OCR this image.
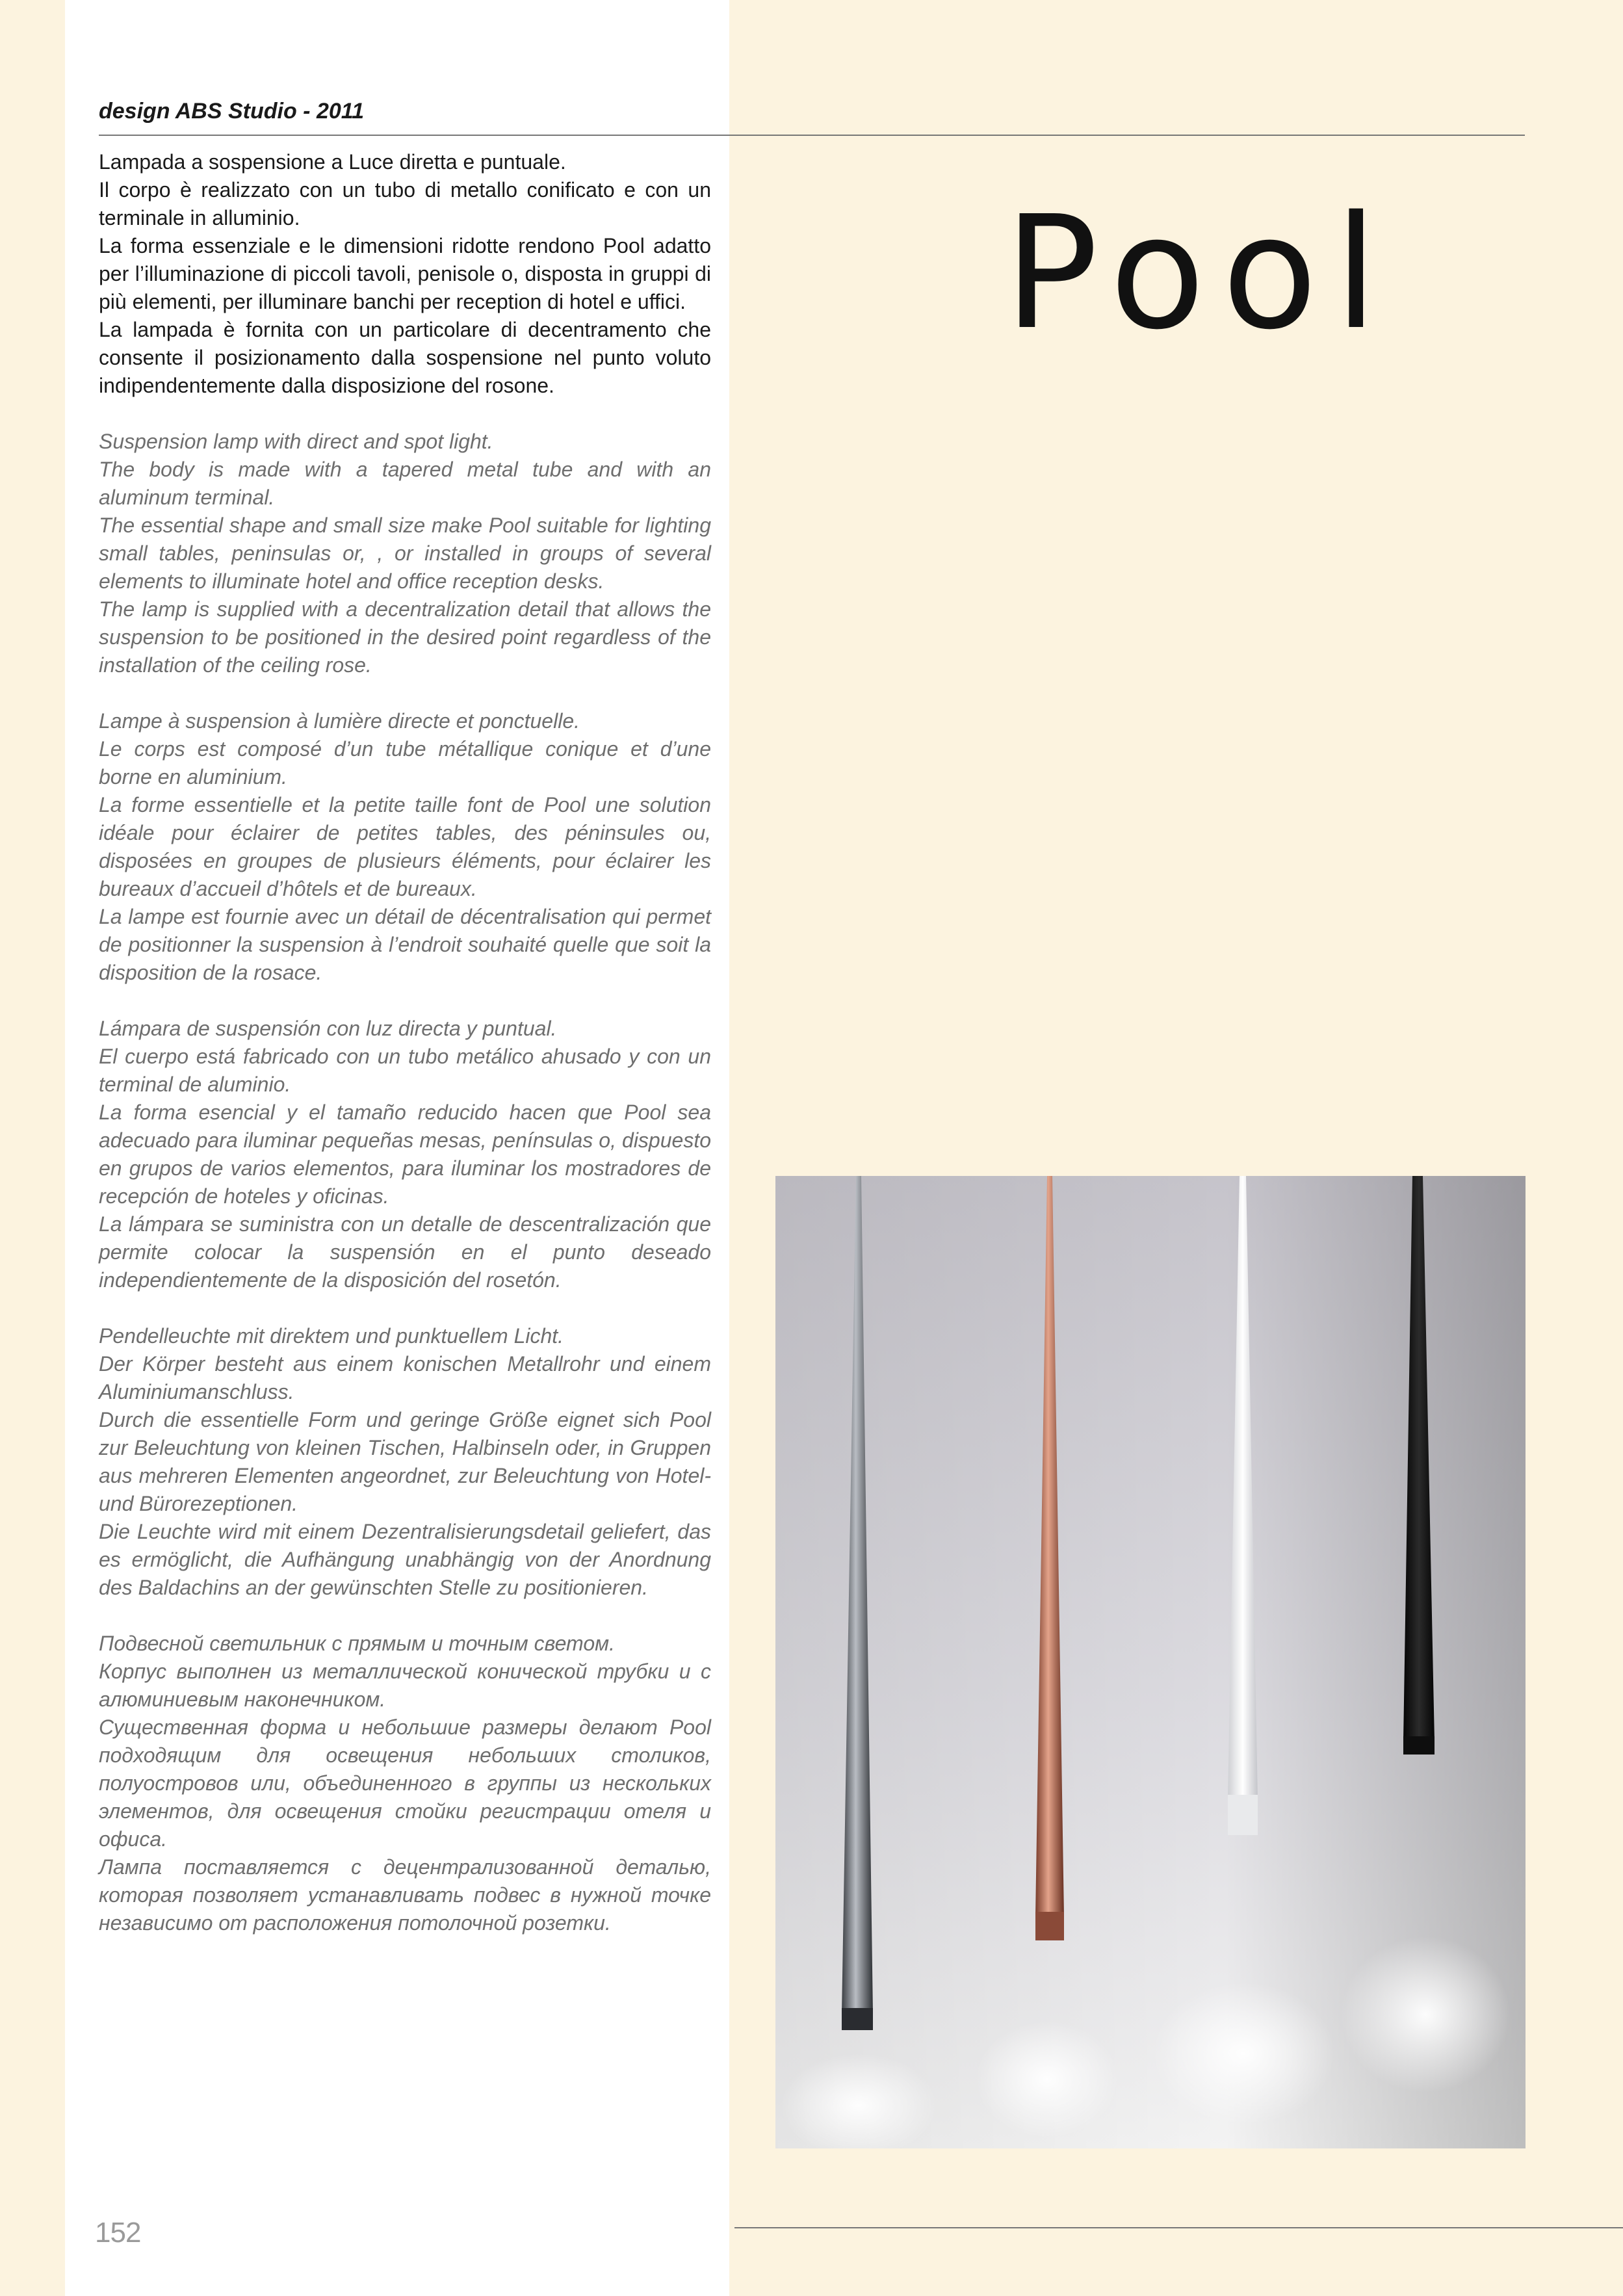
design ABS Studio - 2011

Lampada a sospensione a Luce diretta e puntuale.

Il corpo è realizzato con un tubo di metallo conificato e con un terminale in alluminio.

La forma essenziale e le dimensioni ridotte rendono Pool adatto per l’illuminazione di piccoli tavoli, penisole o, disposta in gruppi di più elementi, per illuminare banchi per reception di hotel e uffici.

La lampada è fornita con un particolare di decentramento che consente il posizionamento dalla sospensione nel punto voluto indipendentemente dalla disposizione del rosone.

Suspension lamp with direct and spot light.

The body is made with a tapered metal tube and with an aluminum terminal.

The essential shape and small size make Pool suitable for lighting small tables, peninsulas or, , or installed in groups of several elements to illuminate hotel and office reception desks.

The lamp is supplied with a decentralization detail that allows the suspension to be positioned in the desired point regardless of the installation of the ceiling rose.

Lampe à suspension à lumière directe et ponctuelle.

Le corps est composé d’un tube métallique conique et d’une borne en aluminium.

La forme essentielle et la petite taille font de Pool une solution idéale pour éclairer de petites tables, des péninsules ou, disposées en groupes de plusieurs éléments, pour éclairer les bureaux d’accueil d’hôtels et de bureaux.

La lampe est fournie avec un détail de décentralisation qui permet de positionner la suspension à l’endroit souhaité quelle que soit la disposition de la rosace.

Lámpara de suspensión con luz directa y puntual.

El cuerpo está fabricado con un tubo metálico ahusado y con un terminal de aluminio.

La forma esencial y el tamaño reducido hacen que Pool sea adecuado para iluminar pequeñas mesas, penínsulas o, dispuesto en grupos de varios elementos, para iluminar los mostradores de recepción de hoteles y oficinas.

La lámpara se suministra con un detalle de descentralización que permite colocar la suspensión en el punto deseado independientemente de la disposición del rosetón.

Pendelleuchte mit direktem und punktuellem Licht.

Der Körper besteht aus einem konischen Metallrohr und einem Aluminiumanschluss.

Durch die essentielle Form und geringe Größe eignet sich Pool zur Beleuchtung von kleinen Tischen, Halbinseln oder, in Gruppen aus mehreren Elementen angeordnet, zur Beleuchtung von Hotel- und Bürorezeptionen.

Die Leuchte wird mit einem Dezentralisierungsdetail geliefert, das es ermöglicht, die Aufhängung unabhängig von der Anordnung des Baldachins an der gewünschten Stelle zu positionieren.

Подвесной светильник с прямым и точным светом.

Корпус выполнен из металлической конической трубки и с алюминиевым наконечником.

Существенная форма и небольшие размеры делают Pool подходящим для освещения небольших столиков, полуостровов или, объединенного в группы из нескольких элементов, для освещения стойки регистрации отеля и офиса.

Лампа поставляется с децентрализованной деталью, которая позволяет устанавливать подвес в нужной точке независимо от расположения потолочной розетки.

Pool
152
